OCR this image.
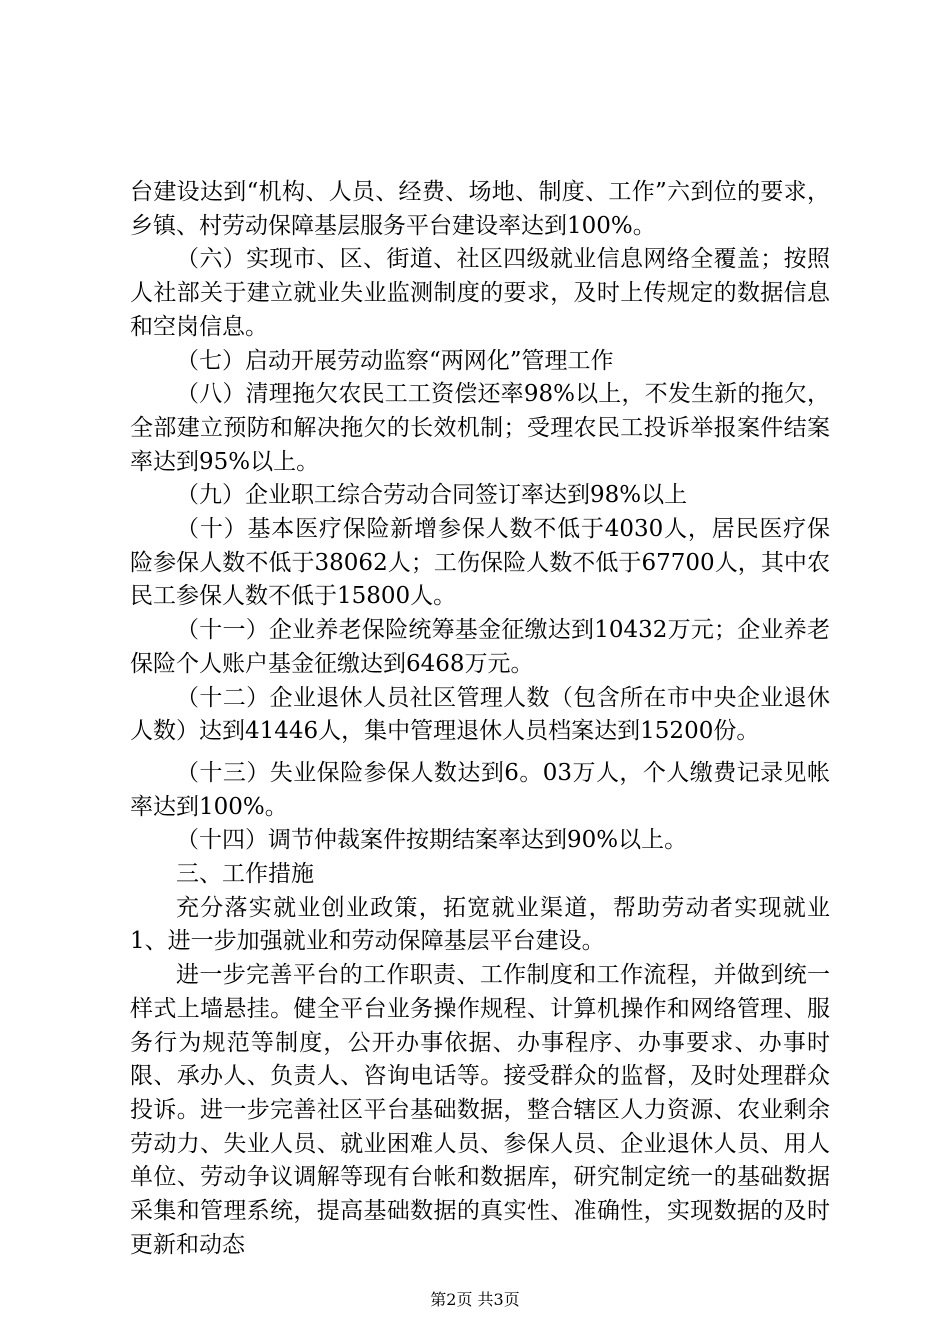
台建设达到“机构、人员、经费、场地、制度、工作”六到位的要求，乡镇、村劳动保障基层服务平台建设率达到100%。

（六）实现市、区、街道、社区四级就业信息网络全覆盖；按照人社部关于建立就业失业监测制度的要求，及时上传规定的数据信息和空岗信息。

（七）启动开展劳动监察“两网化”管理工作

（八）清理拖欠农民工工资偿还率98%以上，不发生新的拖欠，全部建立预防和解决拖欠的长效机制；受理农民工投诉举报案件结案率达到95%以上。

（九）企业职工综合劳动合同签订率达到98%以上

（十）基本医疗保险新增参保人数不低于4030人，居民医疗保险参保人数不低于38062人；工伤保险人数不低于67700人，其中农民工参保人数不低于15800人。

（十一）企业养老保险统筹基金征缴达到10432万元；企业养老保险个人账户基金征缴达到6468万元。

（十二）企业退休人员社区管理人数（包含所在市中央企业退休人数）达到41446人，集中管理退休人员档案达到15200份。

（十三）失业保险参保人数达到6。03万人，个人缴费记录见帐率达到100%。

（十四）调节仲裁案件按期结案率达到90%以上。

三、工作措施

充分落实就业创业政策，拓宽就业渠道，帮助劳动者实现就业1、进一步加强就业和劳动保障基层平台建设。

进一步完善平台的工作职责、工作制度和工作流程，并做到统一样式上墙悬挂。健全平台业务操作规程、计算机操作和网络管理、服务行为规范等制度，公开办事依据、办事程序、办事要求、办事时限、承办人、负责人、咨询电话等。接受群众的监督，及时处理群众投诉。进一步完善社区平台基础数据，整合辖区人力资源、农业剩余劳动力、失业人员、就业困难人员、参保人员、企业退休人员、用人单位、劳动争议调解等现有台帐和数据库，研究制定统一的基础数据采集和管理系统，提高基础数据的真实性、准确性，实现数据的及时更新和动态

第2页 共3页
